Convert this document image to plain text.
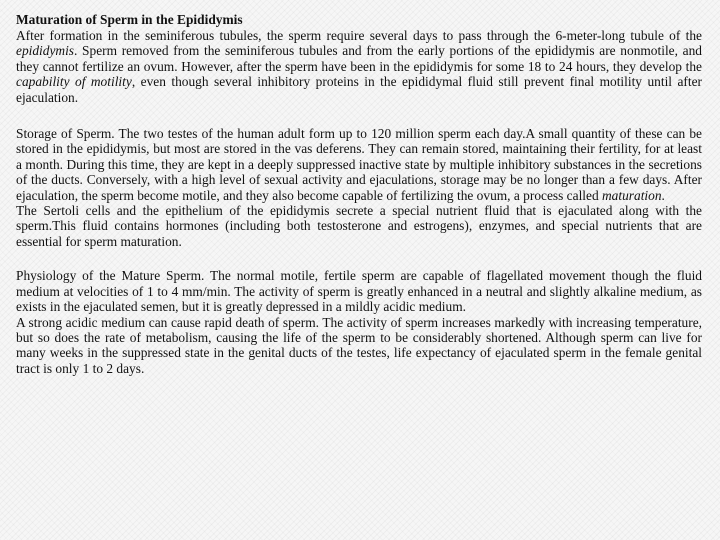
Maturation of Sperm in the Epididymis

After formation in the seminiferous tubules, the sperm require several days to pass through the 6-meter-long tubule of the epididymis. Sperm removed from the seminiferous tubules and from the early portions of the epididymis are nonmotile, and they cannot fertilize an ovum. However, after the sperm have been in the epididymis for some 18 to 24 hours, they develop the capability of motility, even though several inhibitory proteins in the epididymal fluid still prevent final motility until after ejaculation.

Storage of Sperm. The two testes of the human adult form up to 120 million sperm each day.A small quantity of these can be stored in the epididymis, but most are stored in the vas deferens. They can remain stored, maintaining their fertility, for at least a month. During this time, they are kept in a deeply suppressed inactive state by multiple inhibitory substances in the secretions of the ducts. Conversely, with a high level of sexual activity and ejaculations, storage may be no longer than a few days. After ejaculation, the sperm become motile, and they also become capable of fertilizing the ovum, a process called maturation.

The Sertoli cells and the epithelium of the epididymis secrete a special nutrient fluid that is ejaculated along with the sperm.This fluid contains hormones (including both testosterone and estrogens), enzymes, and special nutrients that are essential for sperm maturation.

Physiology of the Mature Sperm. The normal motile, fertile sperm are capable of flagellated movement though the fluid medium at velocities of 1 to 4 mm/min. The activity of sperm is greatly enhanced in a neutral and slightly alkaline medium, as exists in the ejaculated semen, but it is greatly depressed in a mildly acidic medium.

A strong acidic medium can cause rapid death of sperm. The activity of sperm increases markedly with increasing temperature, but so does the rate of metabolism, causing the life of the sperm to be considerably shortened. Although sperm can live for many weeks in the suppressed state in the genital ducts of the testes, life expectancy of ejaculated sperm in the female genital tract is only 1 to 2 days.
